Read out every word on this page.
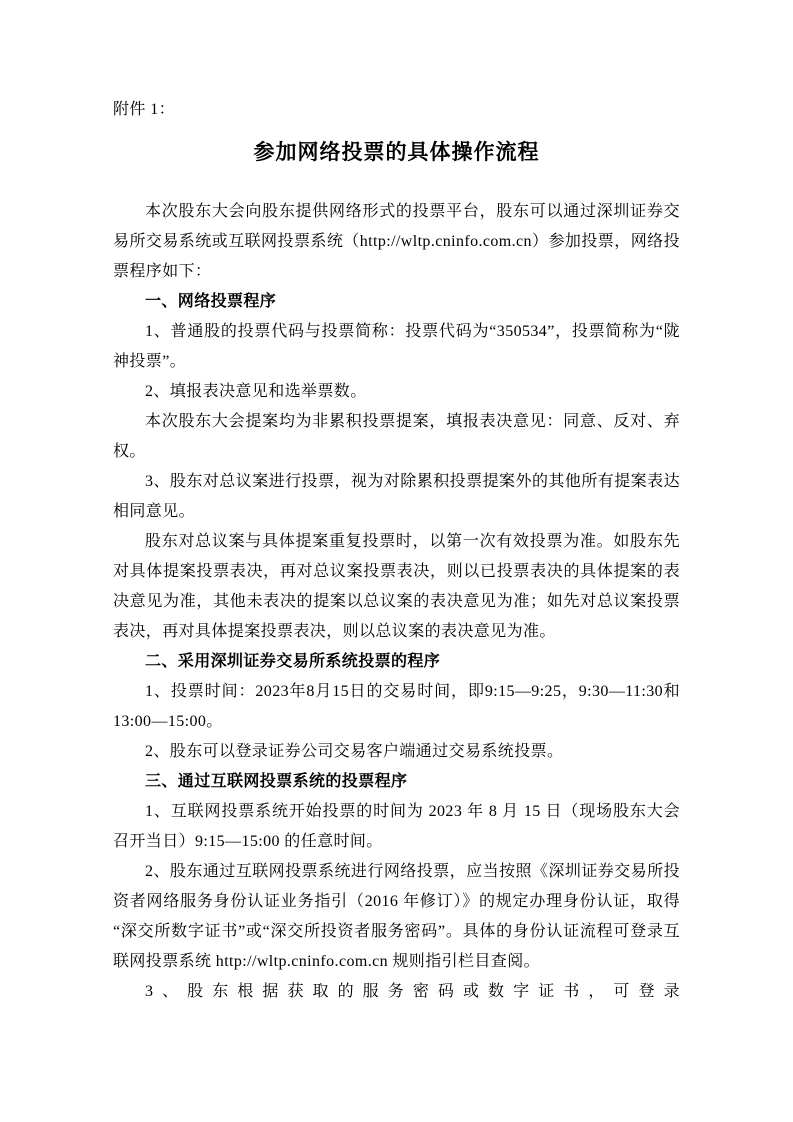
附件 1：

参加网络投票的具体操作流程

本次股东大会向股东提供网络形式的投票平台，股东可以通过深圳证券交易所交易系统或互联网投票系统（http://wltp.cninfo.com.cn）参加投票，网络投票程序如下：

一、网络投票程序

1、普通股的投票代码与投票简称：投票代码为“350534”，投票简称为“陇神投票”。

2、填报表决意见和选举票数。

本次股东大会提案均为非累积投票提案，填报表决意见：同意、反对、弃权。

3、股东对总议案进行投票，视为对除累积投票提案外的其他所有提案表达相同意见。

股东对总议案与具体提案重复投票时，以第一次有效投票为准。如股东先对具体提案投票表决，再对总议案投票表决，则以已投票表决的具体提案的表决意见为准，其他未表决的提案以总议案的表决意见为准；如先对总议案投票表决，再对具体提案投票表决，则以总议案的表决意见为准。

二、采用深圳证券交易所系统投票的程序

1、投票时间：2023年8月15日的交易时间，即9:15—9:25，9:30—11:30和13:00—15:00。

2、股东可以登录证券公司交易客户端通过交易系统投票。

三、通过互联网投票系统的投票程序

1、互联网投票系统开始投票的时间为 2023 年 8 月 15 日（现场股东大会召开当日）9:15—15:00 的任意时间。

2、股东通过互联网投票系统进行网络投票，应当按照《深圳证券交易所投资者网络服务身份认证业务指引（2016 年修订）》的规定办理身份认证，取得“深交所数字证书”或“深交所投资者服务密码”。具体的身份认证流程可登录互联网投票系统 http://wltp.cninfo.com.cn 规则指引栏目查阅。

3、股东根据获取的服务密码或数字证书，可登录
